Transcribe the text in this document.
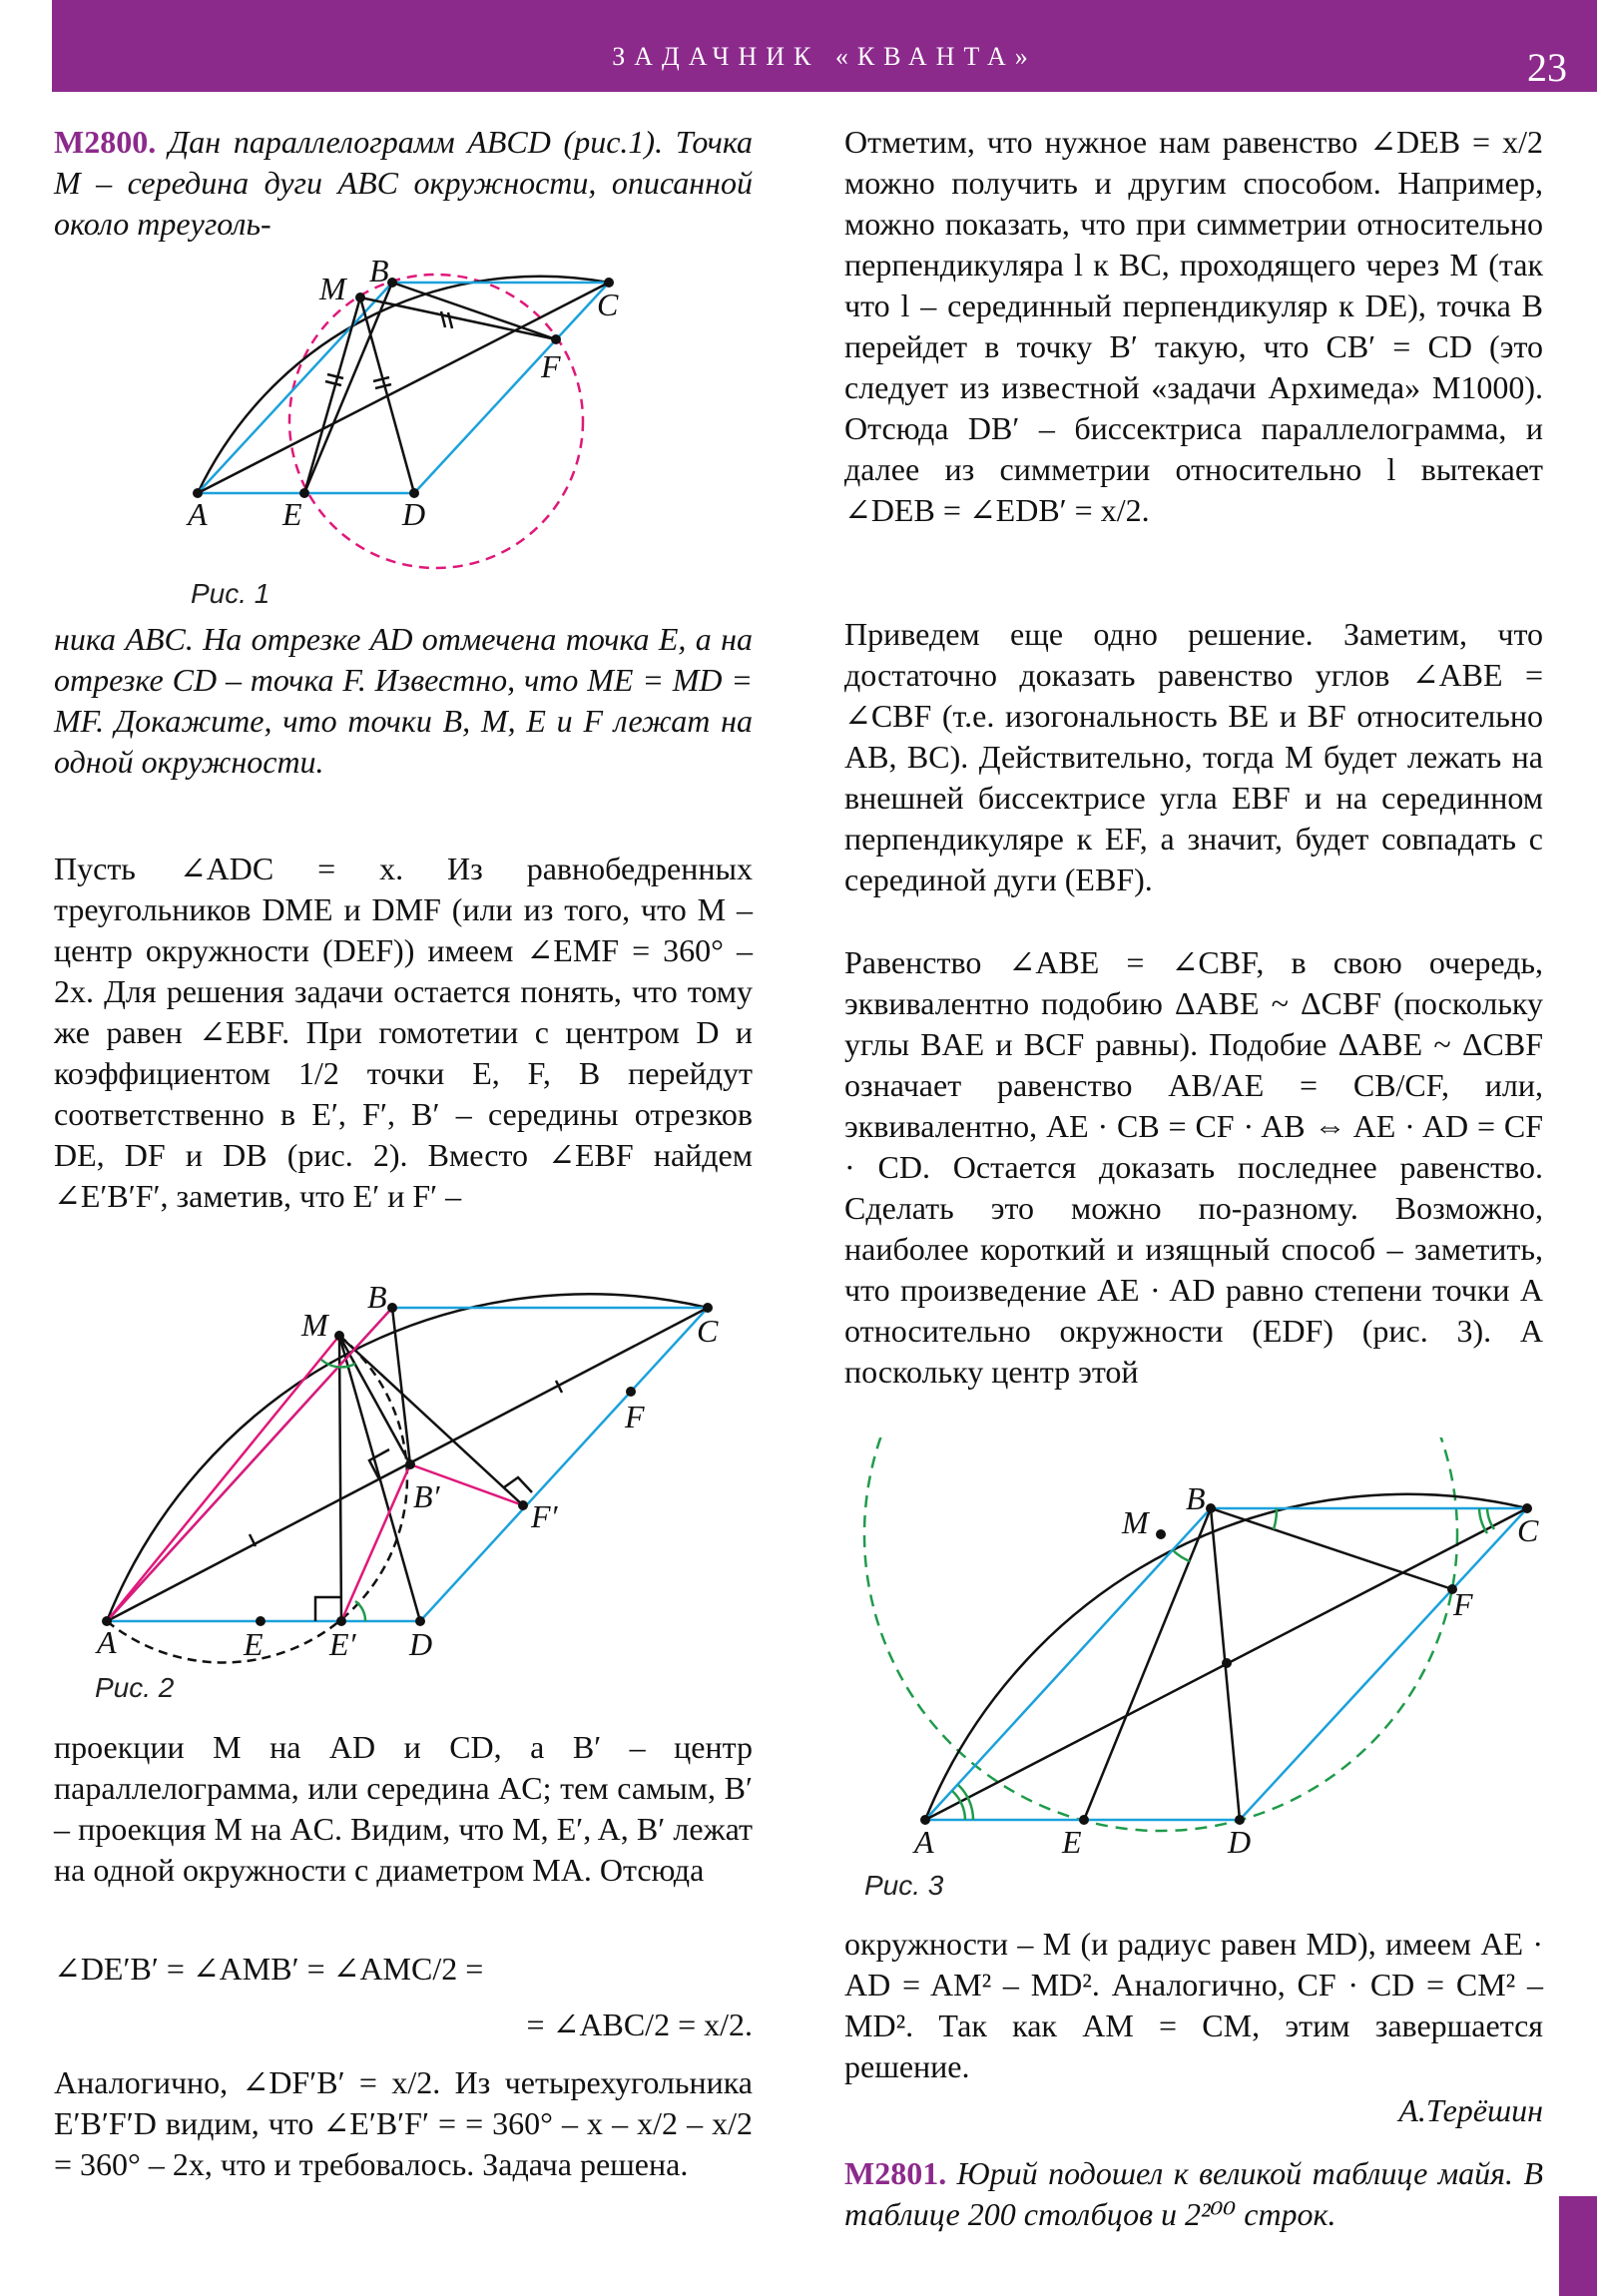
ЗАДАЧНИК «КВАНТА»	23
M2800. Дан параллелограмм ABCD (рис.1). Точка M – середина дуги ABC окружности, описанной около треуголь-
ника ABC. На отрезке AD отмечена точка E, а на отрезке CD – точка F. Известно, что ME = MD = MF. Докажите, что точки B, M, E и F лежат на одной окружности.
Пусть ∠ADC = x. Из равнобедренных треугольников DME и DMF (или из того, что M – центр окружности (DEF)) имеем ∠EMF = 360° – 2x. Для решения задачи остается понять, что тому же равен ∠EBF. При гомотетии с центром D и коэффициентом 1/2 точки E, F, B перейдут соответственно в E′, F′, B′ – середины отрезков DE, DF и DB (рис. 2). Вместо ∠EBF найдем ∠E′B′F′, заметив, что E′ и F′ –
проекции M на AD и CD, а B′ – центр параллелограмма, или середина AC; тем самым, B′ – проекция M на AC. Видим, что M, E′, A, B′ лежат на одной окружности с диаметром MA. Отсюда
∠DE′B′ = ∠AMB′ = ∠AMC/2 =
= ∠ABC/2 = x/2.
Аналогично, ∠DF′B′ = x/2. Из четырехугольника E′B′F′D видим, что ∠E′B′F′ = = 360° – x – x/2 – x/2 = 360° – 2x, что и требовалось. Задача решена.
Отметим, что нужное нам равенство ∠DEB = x/2 можно получить и другим способом. Например, можно показать, что при симметрии относительно перпендикуляра l к BC, проходящего через M (так что l – серединный перпендикуляр к DE), точка B перейдет в точку B′ такую, что CB′ = CD (это следует из известной «задачи Архимеда» M1000). Отсюда DB′ – биссектриса параллелограмма, и далее из симметрии относительно l вытекает ∠DEB = ∠EDB′ = x/2.
Приведем еще одно решение. Заметим, что достаточно доказать равенство углов ∠ABE = ∠CBF (т.е. изогональность BE и BF относительно AB, BC). Действительно, тогда M будет лежать на внешней биссектрисе угла EBF и на серединном перпендикуляре к EF, а значит, будет совпадать с серединой дуги (EBF).
Равенство ∠ABE = ∠CBF, в свою очередь, эквивалентно подобию ΔABE ~ ΔCBF (поскольку углы BAE и BCF равны). Подобие ΔABE ~ ΔCBF означает равенство AB/AE = CB/CF, или, эквивалентно, AE · CB = CF · AB ⇔ AE · AD = CF · CD. Остается доказать последнее равенство. Сделать это можно по-разному. Возможно, наиболее короткий и изящный способ – заметить, что произведение AE · AD равно степени точки A относительно окружности (EDF) (рис. 3). А поскольку центр этой
окружности – M (и радиус равен MD), имеем AE · AD = AM² – MD². Аналогично, CF · CD = CM² – MD². Так как AM = CM, этим завершается решение.
А.Терёшин
M2801. Юрий подошел к великой таблице майя. В таблице 200 столбцов и 2²⁰⁰ строк.
A
B
C
D
E
F
M
Рис. 1
A
B
C
D
E E′
F
F′
B′
M
Рис. 2
A
B
C
D
E
F
M
Рис. 3
